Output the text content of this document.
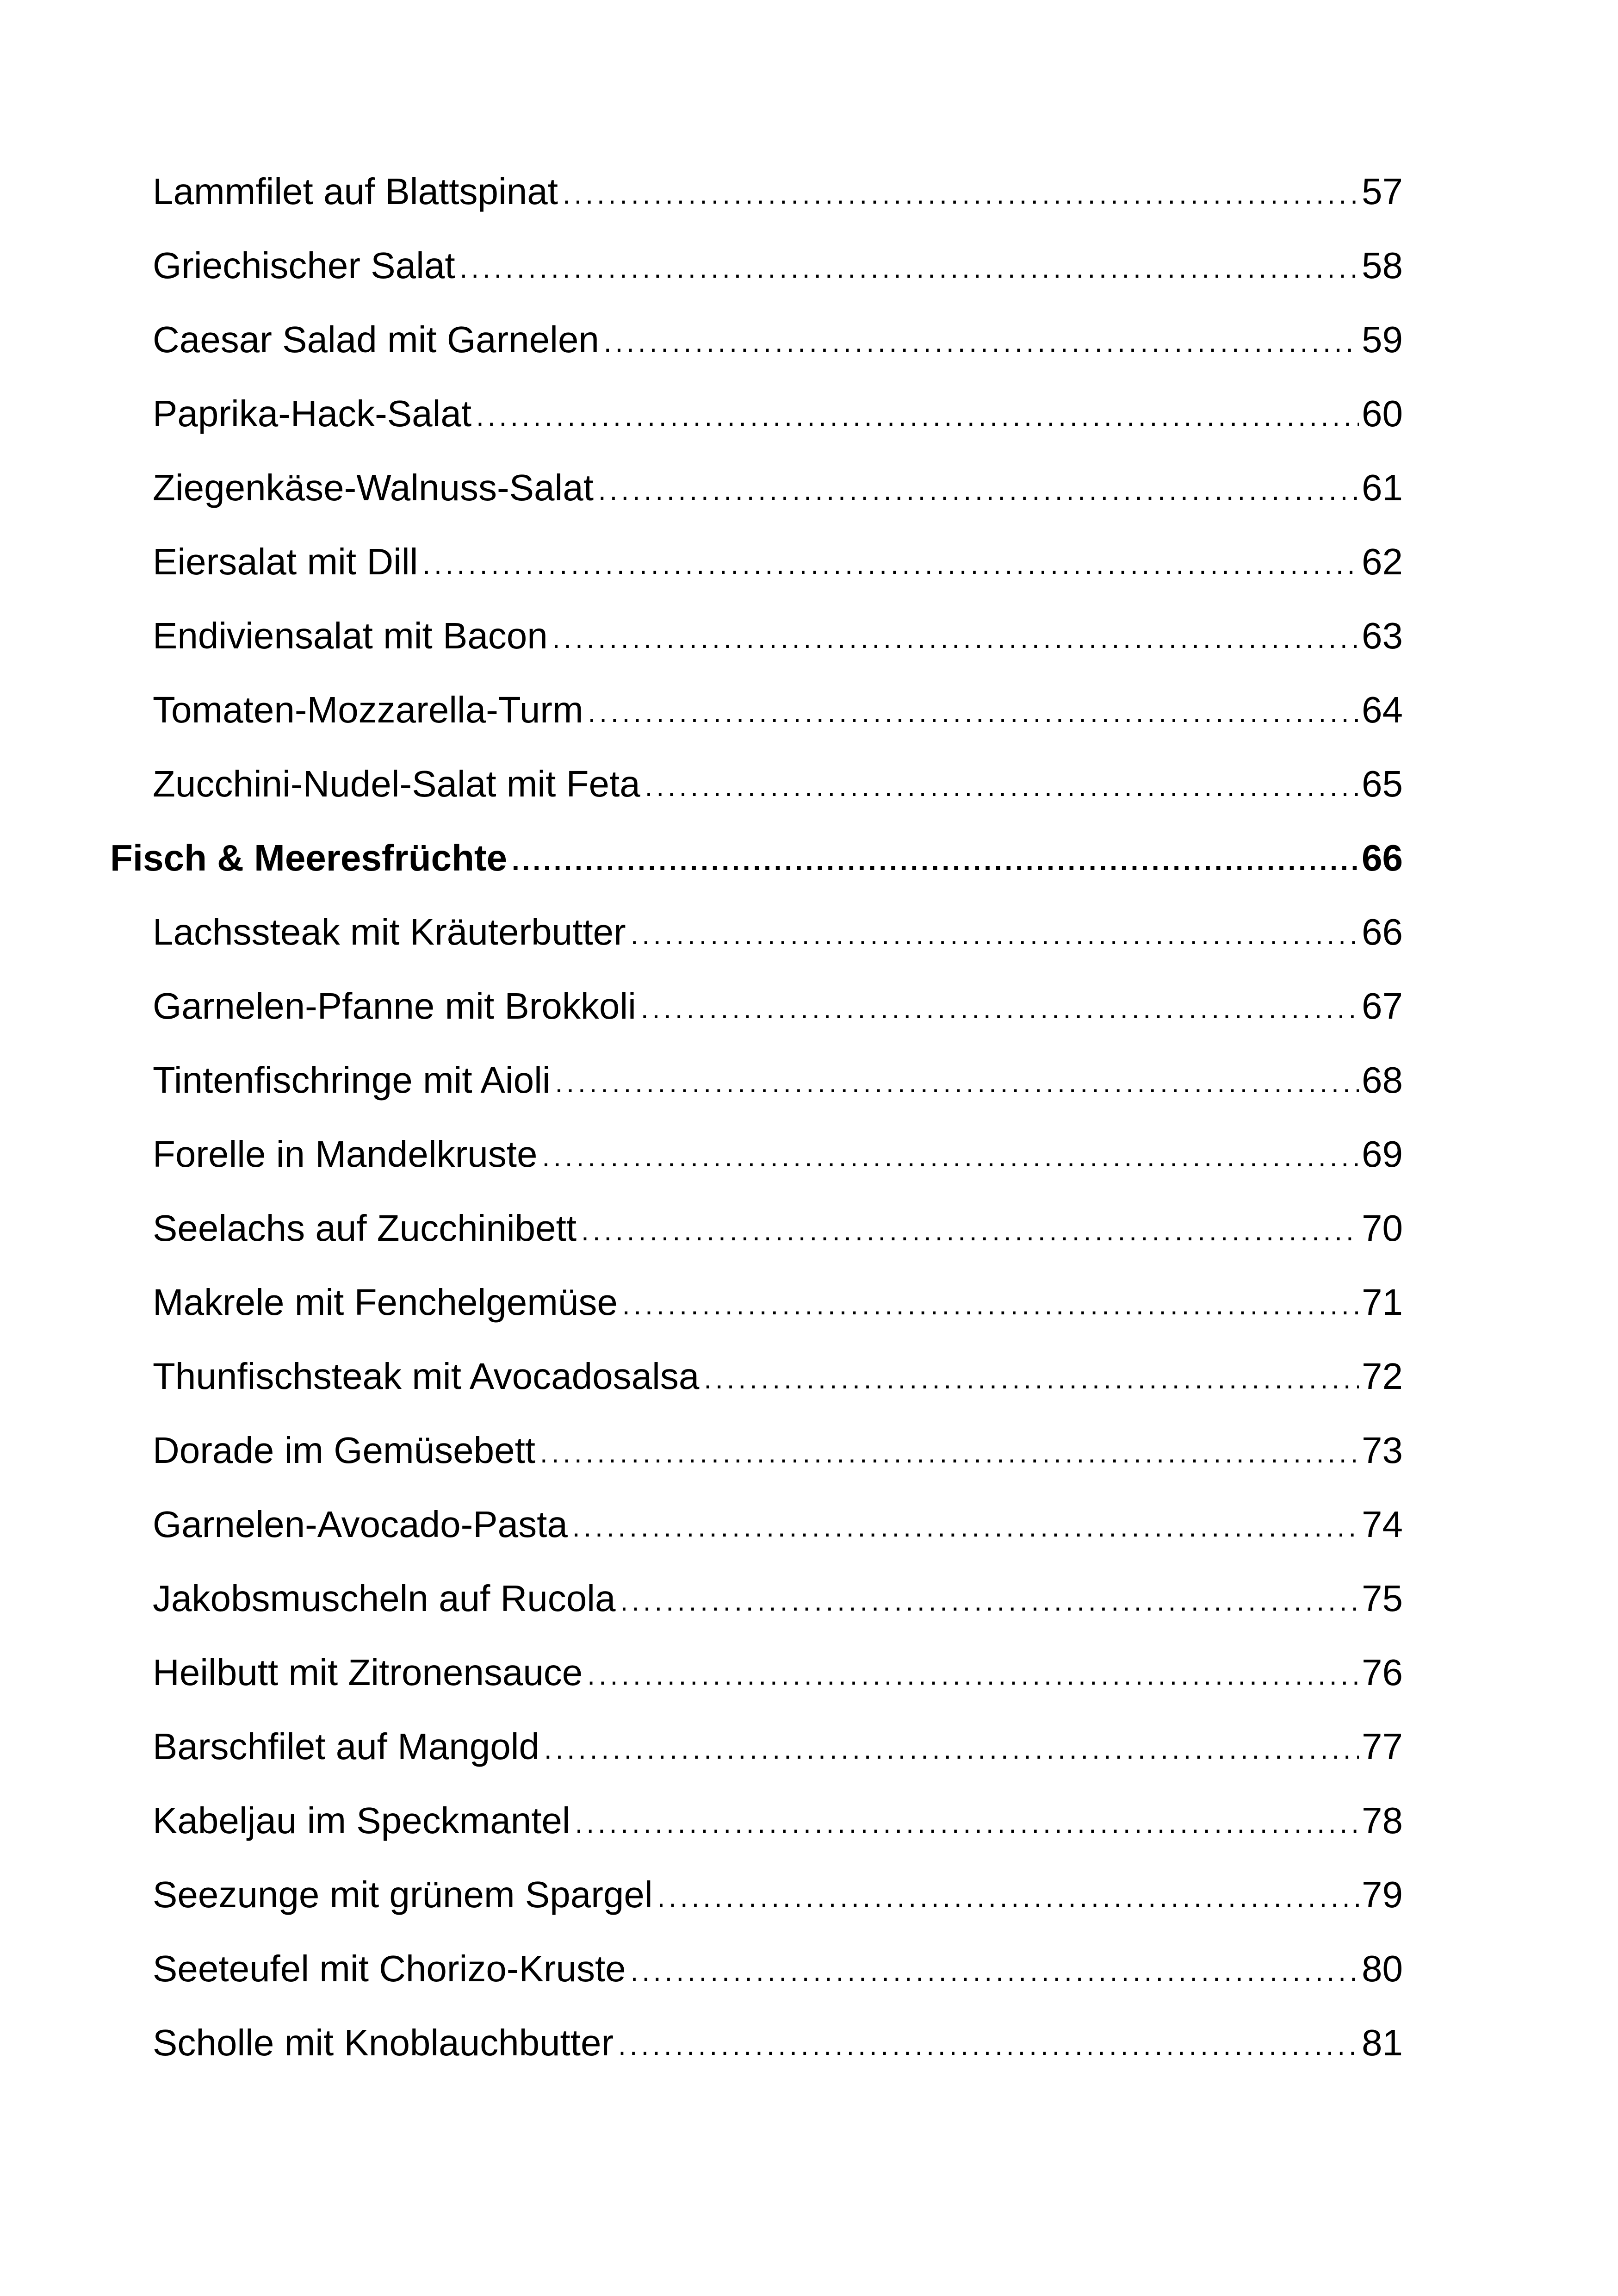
Lammfilet auf Blattspinat .....	57
Griechischer Salat .....	58
Caesar Salad mit Garnelen .....	59
Paprika-Hack-Salat .....	60
Ziegenkäse-Walnuss-Salat .....	61
Eiersalat mit Dill .....	62
Endiviensalat mit Bacon .....	63
Tomaten-Mozzarella-Turm .....	64
Zucchini-Nudel-Salat mit Feta .....	65
Fisch & Meeresfrüchte .....	66
Lachssteak mit Kräuterbutter .....	66
Garnelen-Pfanne mit Brokkoli .....	67
Tintenfischringe mit Aioli .....	68
Forelle in Mandelkruste .....	69
Seelachs auf Zucchinibett .....	70
Makrele mit Fenchelgemüse .....	71
Thunfischsteak mit Avocadosalsa .....	72
Dorade im Gemüsebett .....	73
Garnelen-Avocado-Pasta .....	74
Jakobsmuscheln auf Rucola .....	75
Heilbutt mit Zitronensauce .....	76
Barschfilet auf Mangold .....	77
Kabeljau im Speckmantel .....	78
Seezunge mit grünem Spargel .....	79
Seeteufel mit Chorizo-Kruste .....	80
Scholle mit Knoblauchbutter .....	81
